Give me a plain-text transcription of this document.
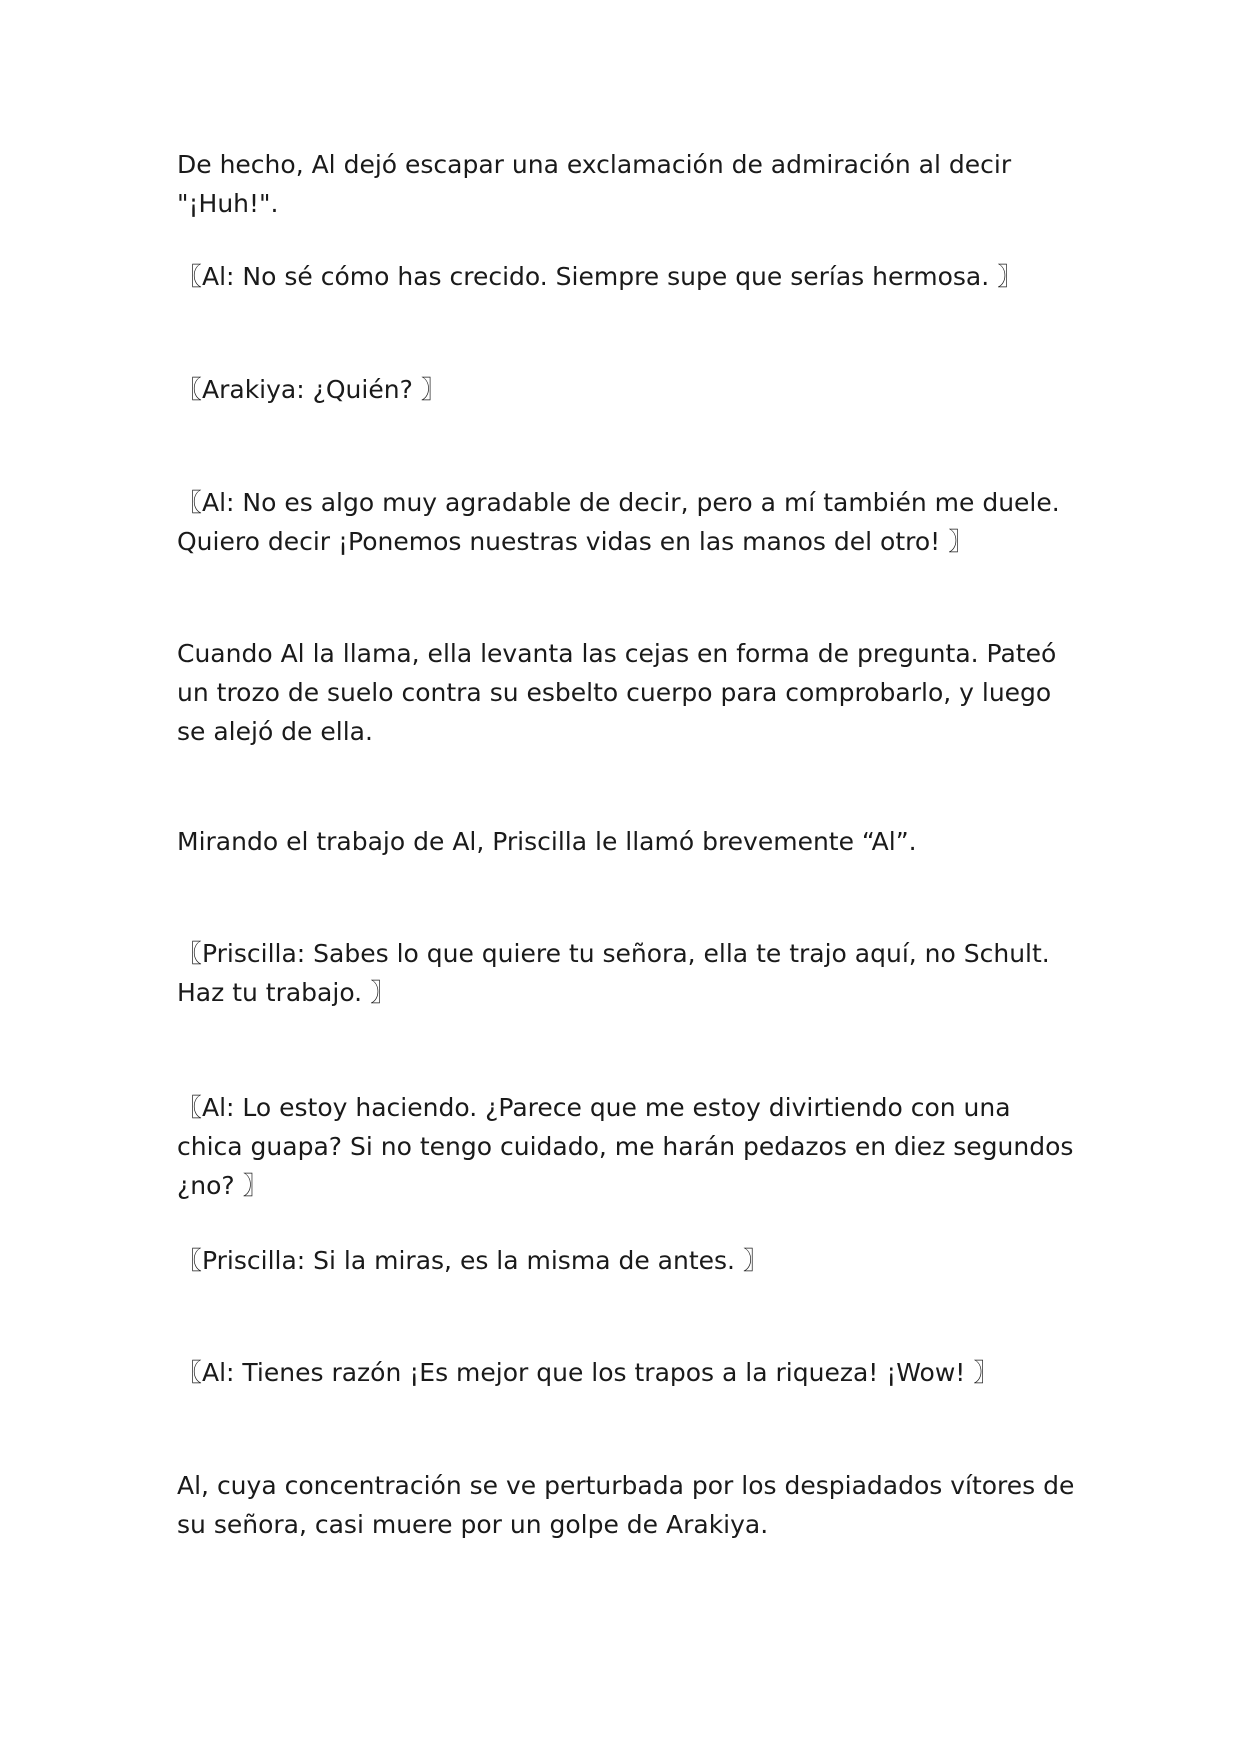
De hecho, Al dejó escapar una exclamación de admiración al decir "¡Huh!".

〖Al: No sé cómo has crecido. Siempre supe que serías hermosa. 〗

〖Arakiya: ¿Quién? 〗

〖Al: No es algo muy agradable de decir, pero a mí también me duele. Quiero decir ¡Ponemos nuestras vidas en las manos del otro! 〗

Cuando Al la llama, ella levanta las cejas en forma de pregunta. Pateó un trozo de suelo contra su esbelto cuerpo para comprobarlo, y luego se alejó de ella.

Mirando el trabajo de Al, Priscilla le llamó brevemente “Al”.

〖Priscilla: Sabes lo que quiere tu señora, ella te trajo aquí, no Schult. Haz tu trabajo. 〗

〖Al: Lo estoy haciendo. ¿Parece que me estoy divirtiendo con una chica guapa? Si no tengo cuidado, me harán pedazos en diez segundos ¿no? 〗

〖Priscilla: Si la miras, es la misma de antes. 〗

〖Al: Tienes razón ¡Es mejor que los trapos a la riqueza! ¡Wow! 〗

Al, cuya concentración se ve perturbada por los despiadados vítores de su señora, casi muere por un golpe de Arakiya.
